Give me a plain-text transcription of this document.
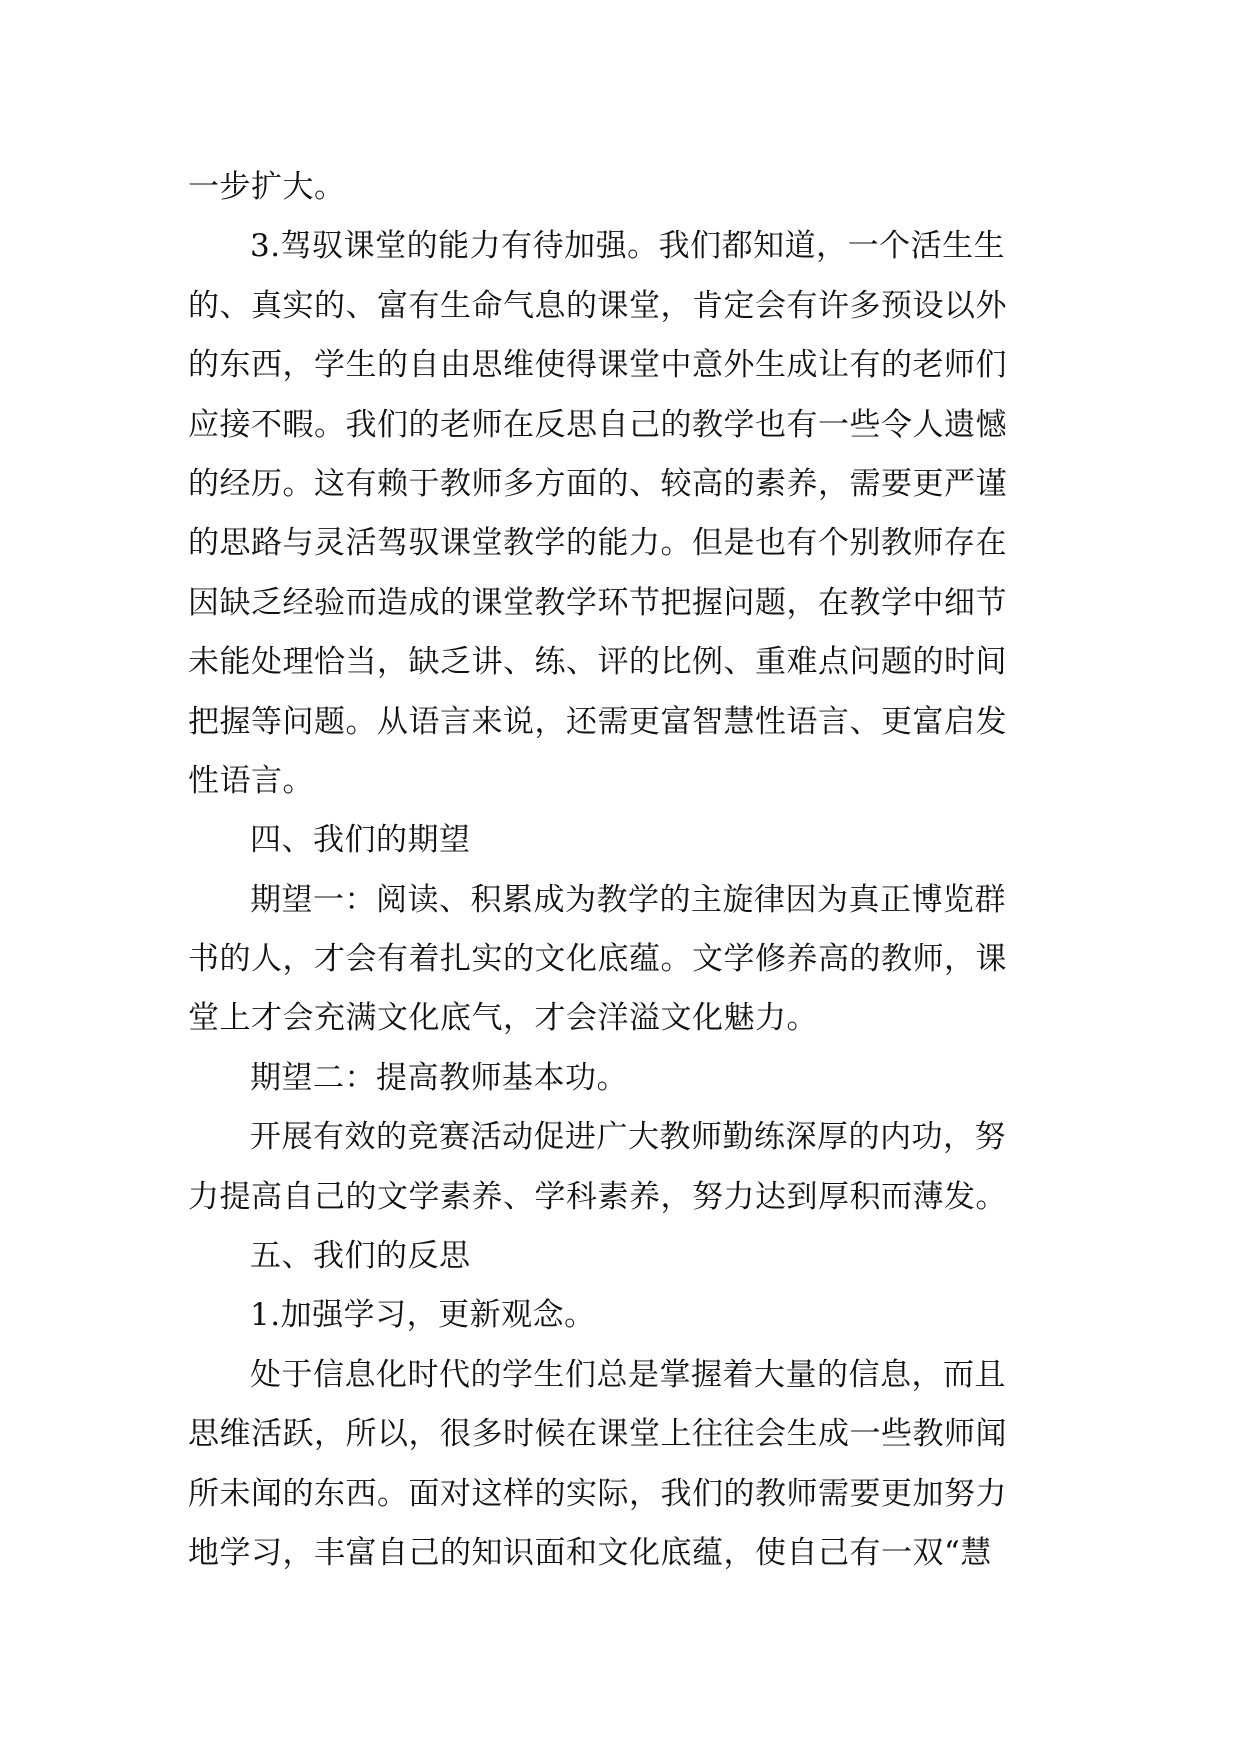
一步扩大。
3.驾驭课堂的能力有待加强。我们都知道，一个活生生
的、真实的、富有生命气息的课堂，肯定会有许多预设以外
的东西，学生的自由思维使得课堂中意外生成让有的老师们
应接不暇。我们的老师在反思自己的教学也有一些令人遗憾
的经历。这有赖于教师多方面的、较高的素养，需要更严谨
的思路与灵活驾驭课堂教学的能力。但是也有个别教师存在
因缺乏经验而造成的课堂教学环节把握问题，在教学中细节
未能处理恰当，缺乏讲、练、评的比例、重难点问题的时间
把握等问题。从语言来说，还需更富智慧性语言、更富启发
性语言。
四、我们的期望
期望一：阅读、积累成为教学的主旋律因为真正博览群
书的人，才会有着扎实的文化底蕴。文学修养高的教师，课
堂上才会充满文化底气，才会洋溢文化魅力。
期望二：提高教师基本功。
开展有效的竞赛活动促进广大教师勤练深厚的内功，努
力提高自己的文学素养、学科素养，努力达到厚积而薄发。
五、我们的反思
1.加强学习，更新观念。
处于信息化时代的学生们总是掌握着大量的信息，而且
思维活跃，所以，很多时候在课堂上往往会生成一些教师闻
所未闻的东西。面对这样的实际，我们的教师需要更加努力
地学习，丰富自己的知识面和文化底蕴，使自己有一双“慧
